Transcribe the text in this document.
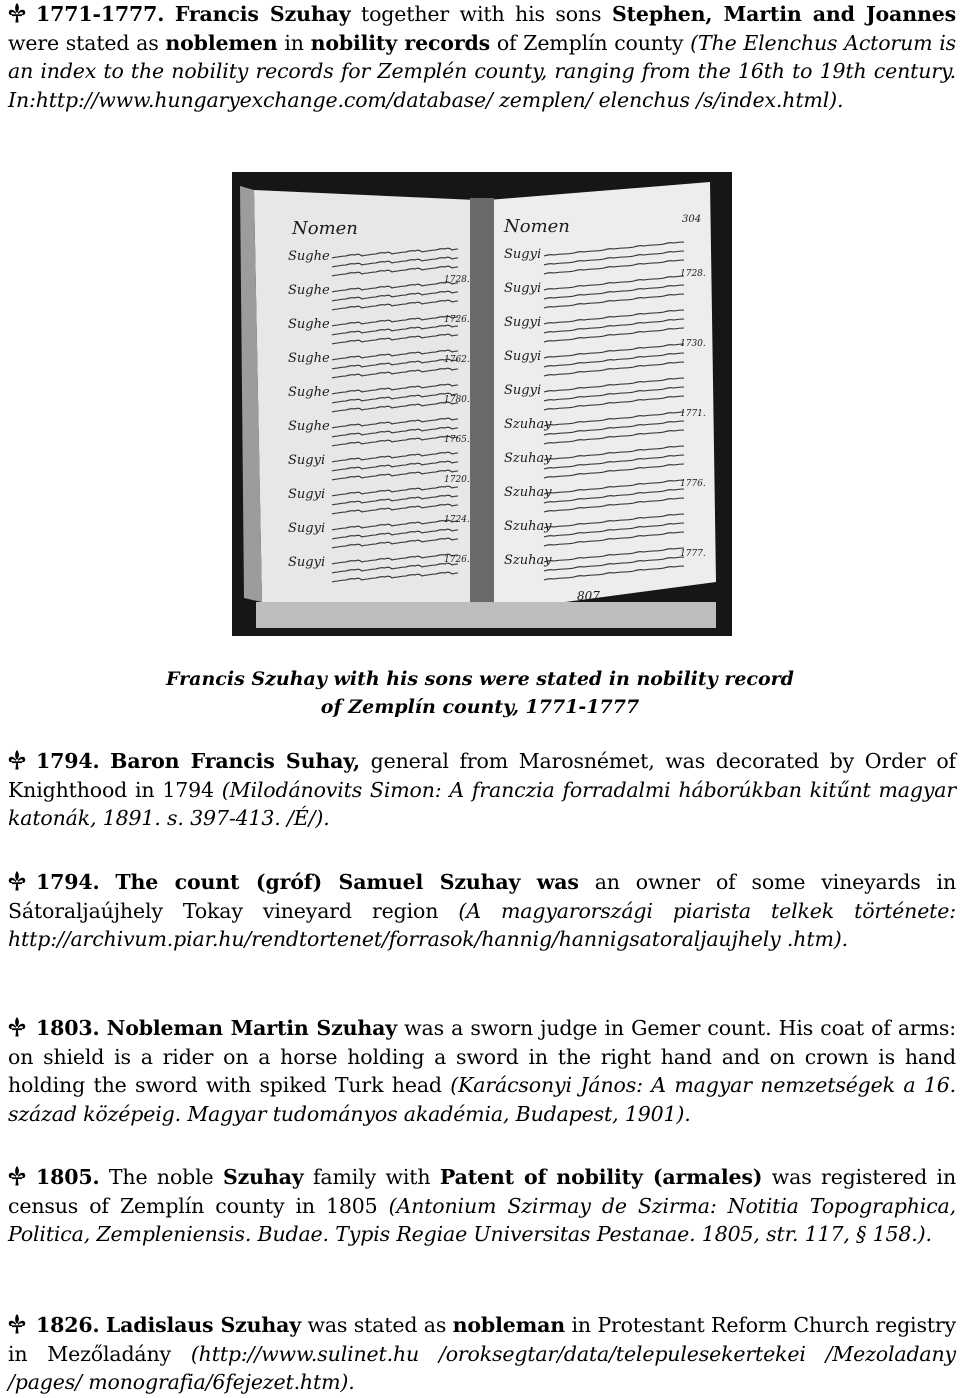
1771-1777. Francis Szuhay together with his sons Stephen, Martin and Joannes were stated as noblemen in nobility records of Zemplín county (The Elenchus Actorum is an index to the nobility records for Zemplén county, ranging from the 16th to 19th century. In:http://www.hungaryexchange.com/database/ zemplen/ elenchus /s/index.html).
Nomen	Nomen	304
807
Sughe
Sughe
Sughe
Sughe
Sughe
Sughe
Sugyi
Sugyi
Sugyi
Sugyi
1728.
1726.
1762.
1780.
1765.
1720.
1724.
1726.
Sugyi
Sugyi
Sugyi
Sugyi
Sugyi
Szuhay
Szuhay
Szuhay
Szuhay
Szuhay
1728.
1730.
1771.
1776.
1777.
Francis Szuhay with his sons were stated in nobility record
of Zemplín county, 1771-1777
1794. Baron Francis Suhay, general from Marosnémet, was decorated by Order of Knighthood in 1794 (Milodánovits Simon: A franczia forradalmi háborúkban kitűnt magyar katonák, 1891. s. 397-413. /É/).
1794. The count (gróf) Samuel Szuhay was an owner of some vineyards in Sátoraljaújhely Tokay vineyard region (A magyarországi piarista telkek története: http://archivum.piar.hu/rendtortenet/forrasok/hannig/hannigsatoraljaujhely .htm).
1803. Nobleman Martin Szuhay was a sworn judge in Gemer count. His coat of arms: on shield is a rider on a horse holding a sword in the right hand and on crown is hand holding the sword with spiked Turk head (Karácsonyi János: A magyar nemzetségek a 16. század középeig. Magyar tudományos akadémia, Budapest, 1901).
1805. The noble Szuhay family with Patent of nobility (armales) was registered in census of Zemplín county in 1805 (Antonium Szirmay de Szirma: Notitia Topographica, Politica, Zempleniensis. Budae. Typis Regiae Universitas Pestanae. 1805, str. 117, § 158.).
1826. Ladislaus Szuhay was stated as nobleman in Protestant Reform Church registry in Mezőladány (http://www.sulinet.hu /oroksegtar/data/telepulesekertekei /Mezoladany /pages/ monografia/6fejezet.htm).
